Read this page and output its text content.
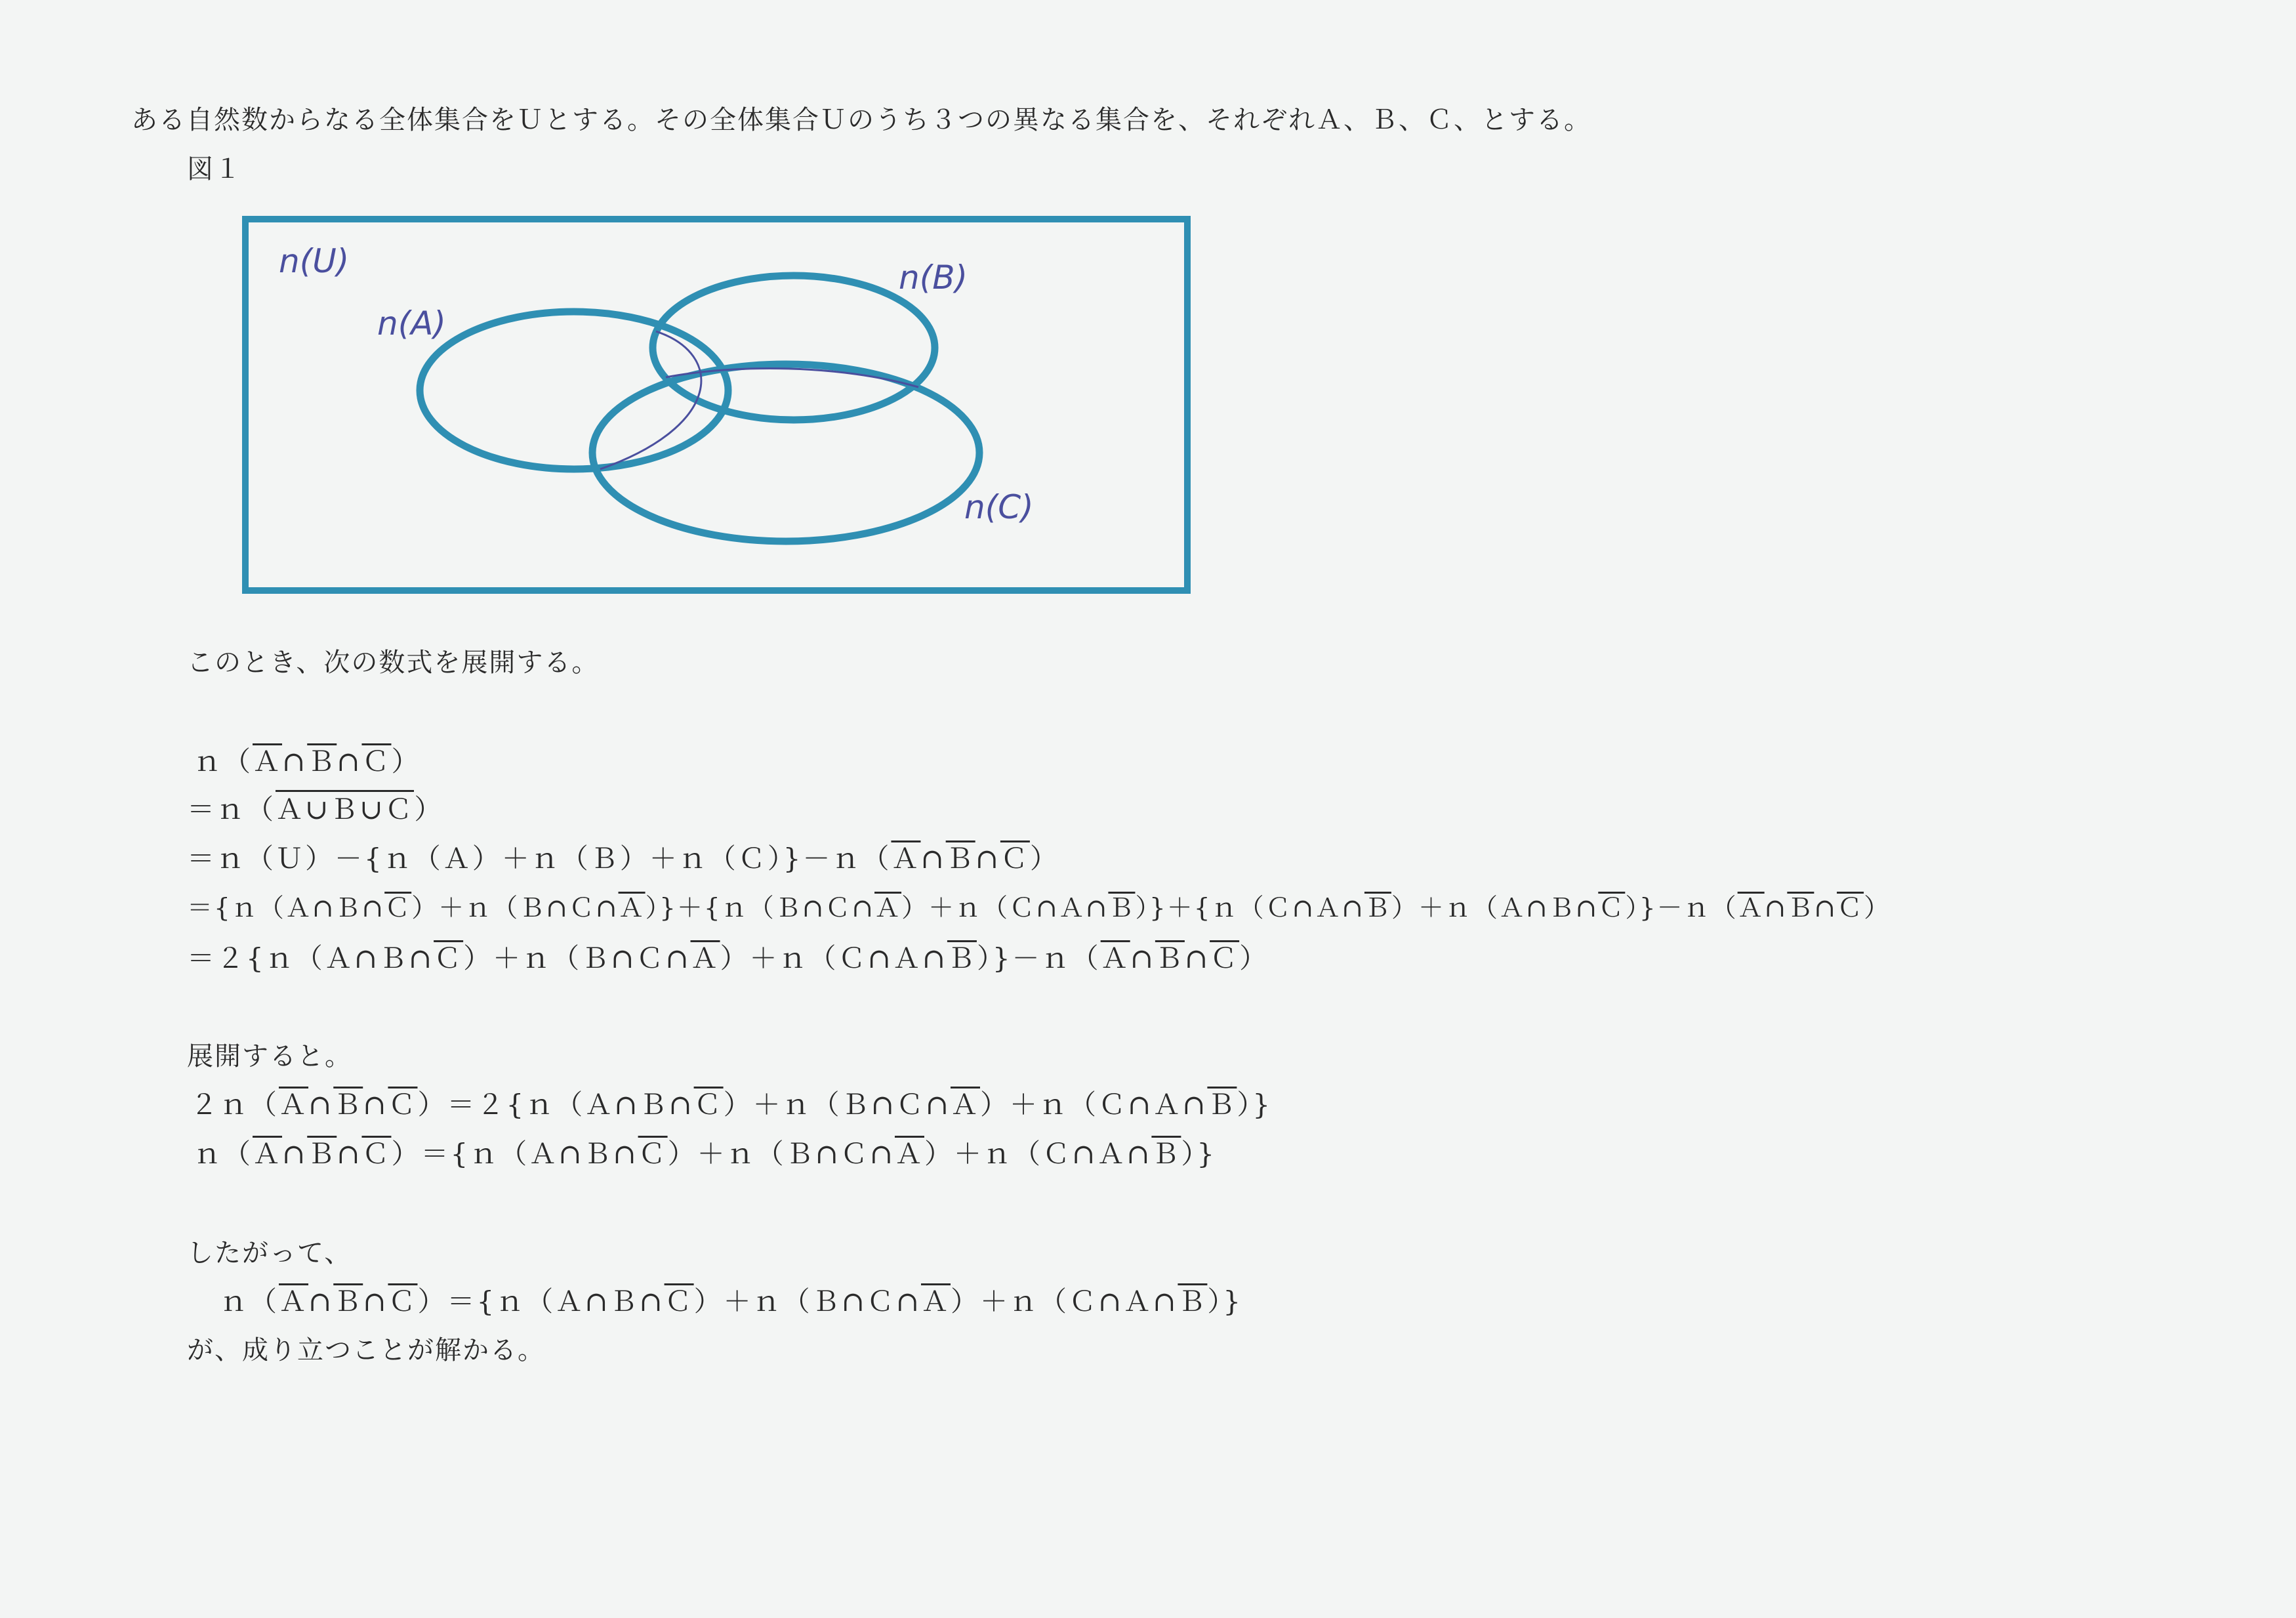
ある自然数からなる全体集合をＵとする。その全体集合Ｕのうち３つの異なる集合を、それぞれＡ、Ｂ、Ｃ、とする。
図１
n(U)
n(A)
n(B)
n(C)
このとき、次の数式を展開する。
$n(\overline{A}\cap\overline{B}\cap\overline{C})$
＝ｎ（Ａ∪Ｂ∪Ｃ）
$=n(U)-\{n(A)+n(B)+n(C)\}-n(\overline{A}\cap\overline{B}\cap\overline{C})$
$=\{n(A\cap B\cap\overline{C})+n(B\cap C\cap\overline{A})\}+\{n(B\cap C\cap\overline{A})+n(C\cap A\cap\overline{B})\}+\{n(C\cap A\cap\overline{B})+n(A\cap B\cap\overline{C})\}-n(\overline{A}\cap\overline{B}\cap\overline{C})$
$=2\{n(A\cap B\cap\overline{C})+n(B\cap C\cap\overline{A})+n(C\cap A\cap\overline{B})\}-n(\overline{A}\cap\overline{B}\cap\overline{C})$
展開すると。
$2n(\overline{A}\cap\overline{B}\cap\overline{C})=2\{n(A\cap B\cap\overline{C})+n(B\cap C\cap\overline{A})+n(C\cap A\cap\overline{B})\}$
$n(\overline{A}\cap\overline{B}\cap\overline{C})=\{n(A\cap B\cap\overline{C})+n(B\cap C\cap\overline{A})+n(C\cap A\cap\overline{B})\}$
したがって、
$n(\overline{A}\cap\overline{B}\cap\overline{C})=\{n(A\cap B\cap\overline{C})+n(B\cap C\cap\overline{A})+n(C\cap A\cap\overline{B})\}$
が、成り立つことが解かる。
